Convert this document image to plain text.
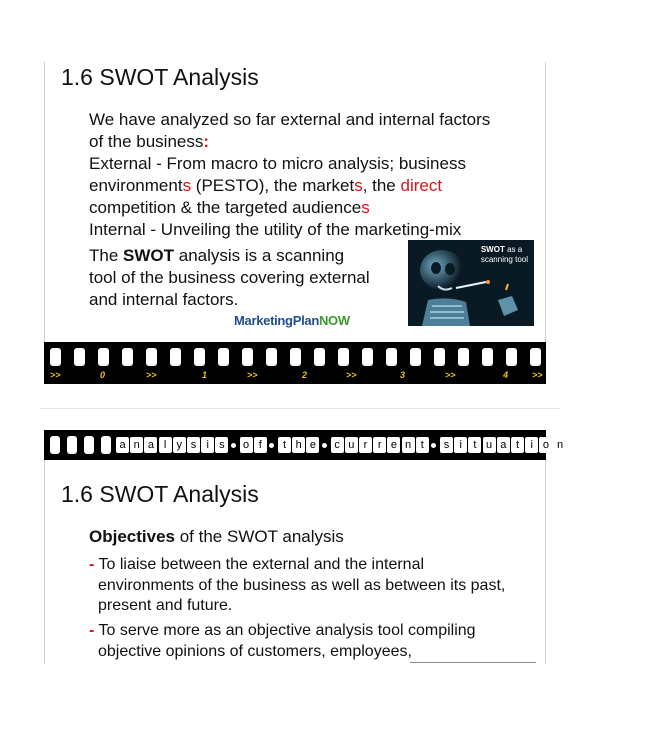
1.6 SWOT Analysis
We have analyzed so far external and internal factors
of the business:
External - From macro to micro analysis; business
environments (PESTO), the markets, the direct
competition & the targeted audiences
Internal - Unveiling the utility of the marketing-mix
The SWOT analysis is a scanning
tool of the business covering external
and internal factors.
SWOT as a
scanning tool
MarketingPlanNOW
>>	0	>>	1	>>	2	>>	3	>>	4	>>
a n a l y s i s	o f	t h e	c u r r e n t	s i	t u a t	i o n
1.6 SWOT Analysis
Objectives of the SWOT analysis
- To liaise between the external and the internal
environments of the business as well as between its past,
present and future.
- To serve more as an objective analysis tool compiling
objective opinions of customers, employees,
